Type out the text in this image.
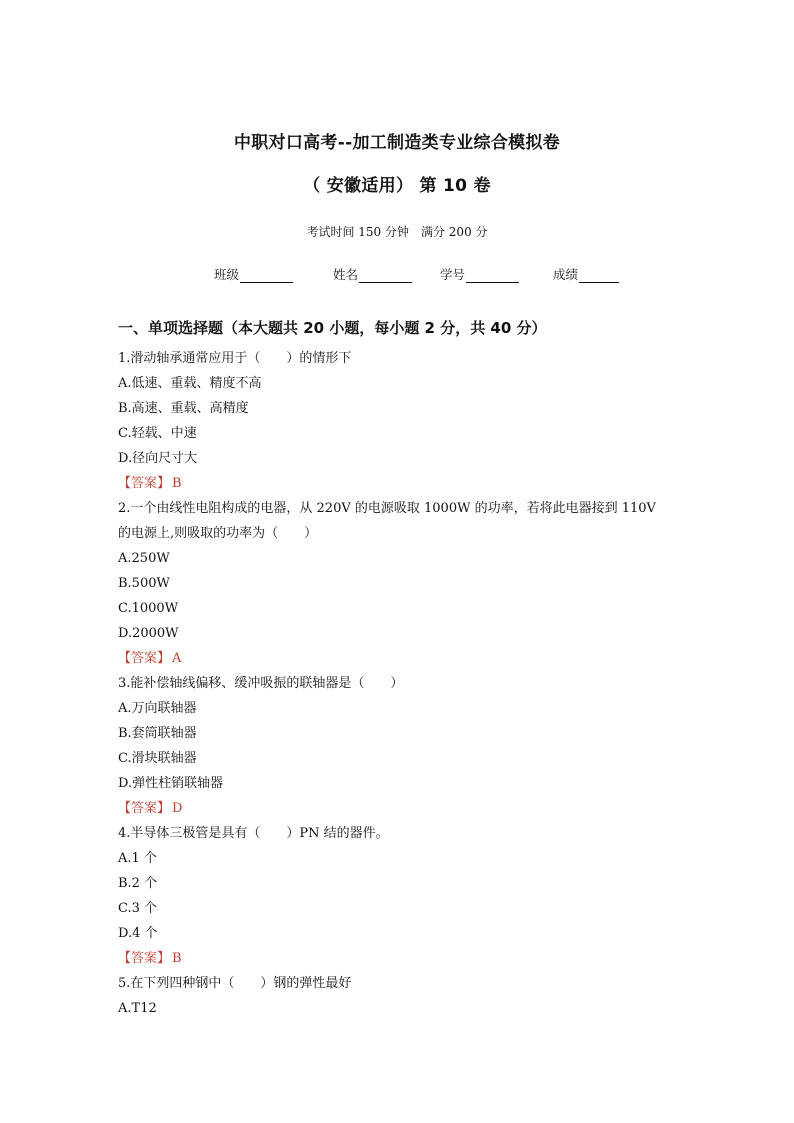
中职对口高考--加工制造类专业综合模拟卷
（ 安徽适用） 第 10 卷
考试时间 150 分钟　满分 200 分
班级	姓名	学号	成绩
一、单项选择题（本大题共 20 小题，每小题 2 分，共 40 分）
1.滑动轴承通常应用于（　　）的情形下
A.低速、重载、精度不高
B.高速、重载、高精度
C.轻载、中速
D.径向尺寸大
【答案】 B
2.一个由线性电阻构成的电器，从 220V 的电源吸取 1000W 的功率，若将此电器接到 110V
的电源上,则吸取的功率为（　　）
A.250W
B.500W
C.1000W
D.2000W
【答案】 A
3.能补偿轴线偏移、缓冲吸振的联轴器是（　　）
A.万向联轴器
B.套筒联轴器
C.滑块联轴器
D.弹性柱销联轴器
【答案】 D
4.半导体三极管是具有（　　）PN 结的器件。
A.1 个
B.2 个
C.3 个
D.4 个
【答案】 B
5.在下列四种钢中（　　）钢的弹性最好
A.T12
